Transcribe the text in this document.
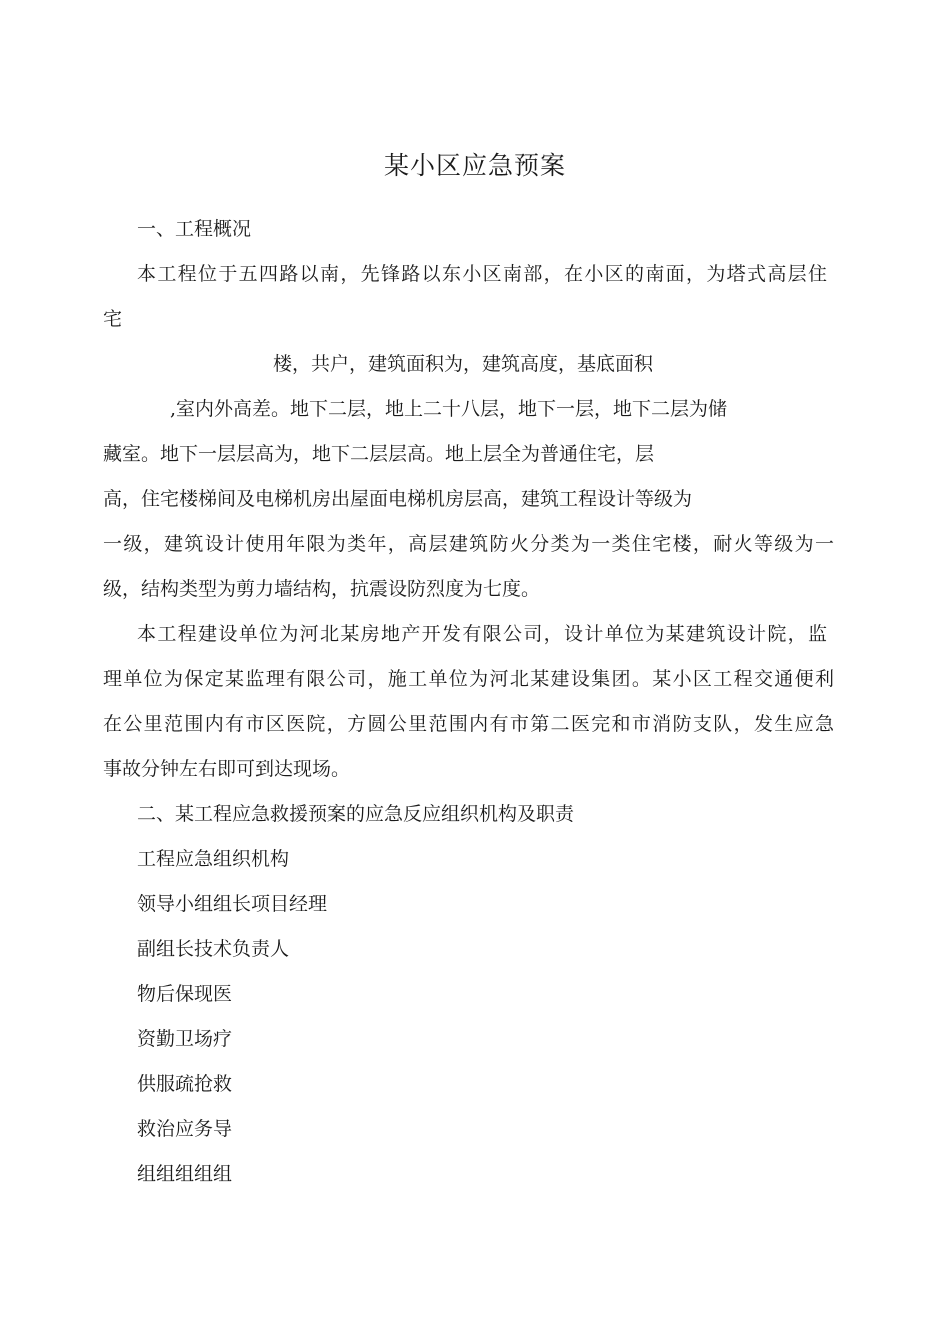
某小区应急预案
一、工程概况
本工程位于五四路以南，先锋路以东小区南部，在小区的南面，为塔式高层住
宅
楼，共户，建筑面积为，建筑高度，基底面积
,室内外高差。地下二层，地上二十八层，地下一层，地下二层为储
藏室。地下一层层高为，地下二层层高。地上层全为普通住宅，层
高，住宅楼梯间及电梯机房出屋面电梯机房层高，建筑工程设计等级为
一级，建筑设计使用年限为类年，高层建筑防火分类为一类住宅楼，耐火等级为一
级，结构类型为剪力墙结构，抗震设防烈度为七度。
本工程建设单位为河北某房地产开发有限公司，设计单位为某建筑设计院，监
理单位为保定某监理有限公司，施工单位为河北某建设集团。某小区工程交通便利
在公里范围内有市区医院，方圆公里范围内有市第二医完和市消防支队，发生应急
事故分钟左右即可到达现场。
二、某工程应急救援预案的应急反应组织机构及职责
工程应急组织机构
领导小组组长项目经理
副组长技术负责人
物后保现医
资勤卫场疗
供服疏抢救
救治应务导
组组组组组
